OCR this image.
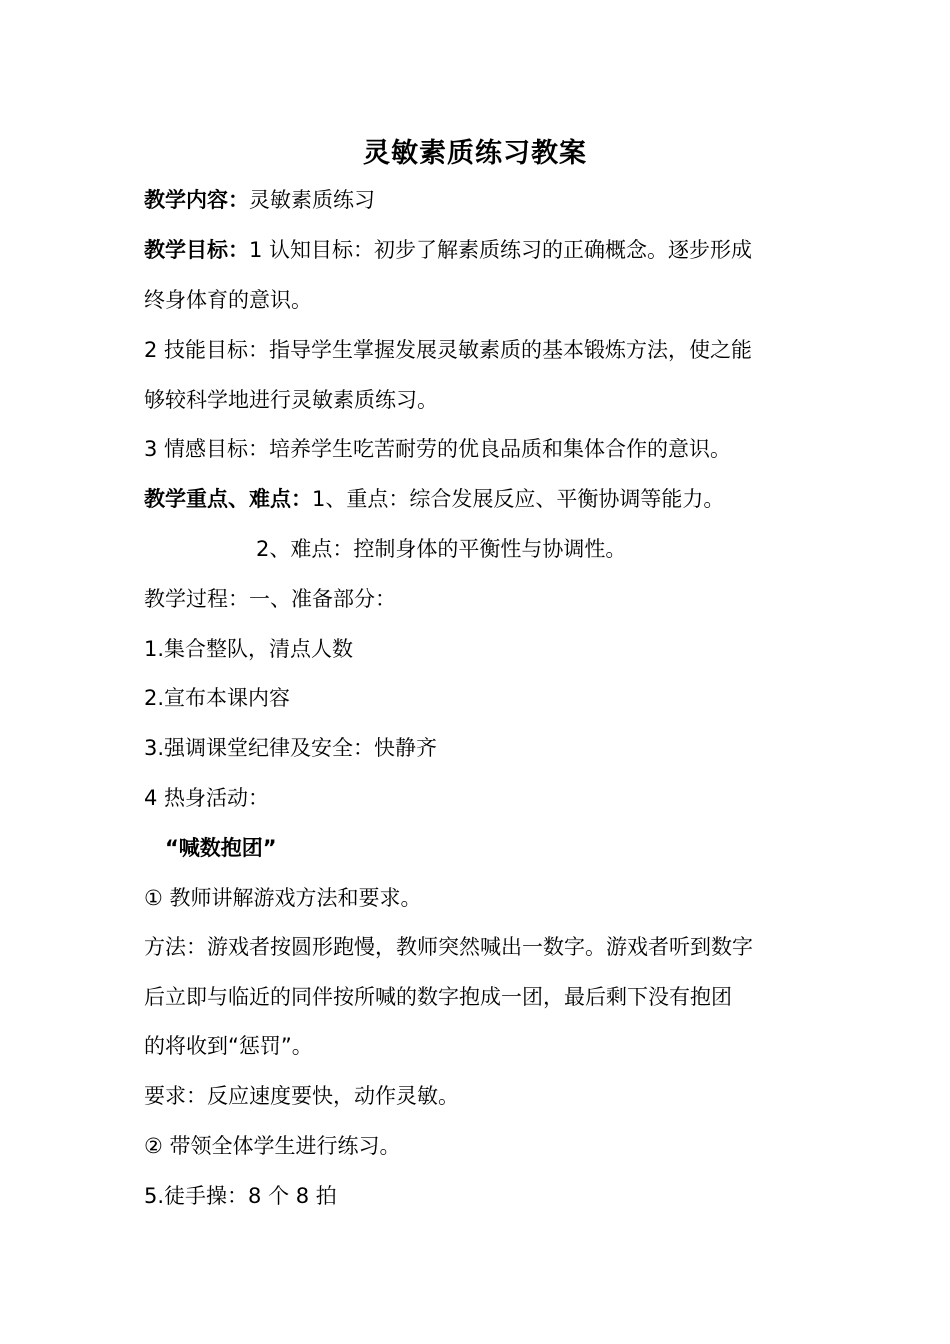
灵敏素质练习教案
教学内容：灵敏素质练习
教学目标：1 认知目标：初步了解素质练习的正确概念。逐步形成
终身体育的意识。
2 技能目标：指导学生掌握发展灵敏素质的基本锻炼方法，使之能
够较科学地进行灵敏素质练习。
3 情感目标：培养学生吃苦耐劳的优良品质和集体合作的意识。
教学重点、难点：1、重点：综合发展反应、平衡协调等能力。
2、难点：控制身体的平衡性与协调性。
教学过程：一、准备部分：
1.集合整队，清点人数
2.宣布本课内容
3.强调课堂纪律及安全：快静齐
4 热身活动：
“喊数抱团”
① 教师讲解游戏方法和要求。
方法：游戏者按圆形跑慢，教师突然喊出一数字。游戏者听到数字
后立即与临近的同伴按所喊的数字抱成一团，最后剩下没有抱团
的将收到“惩罚”。
要求：反应速度要快，动作灵敏。
② 带领全体学生进行练习。
5.徒手操：8 个 8 拍
